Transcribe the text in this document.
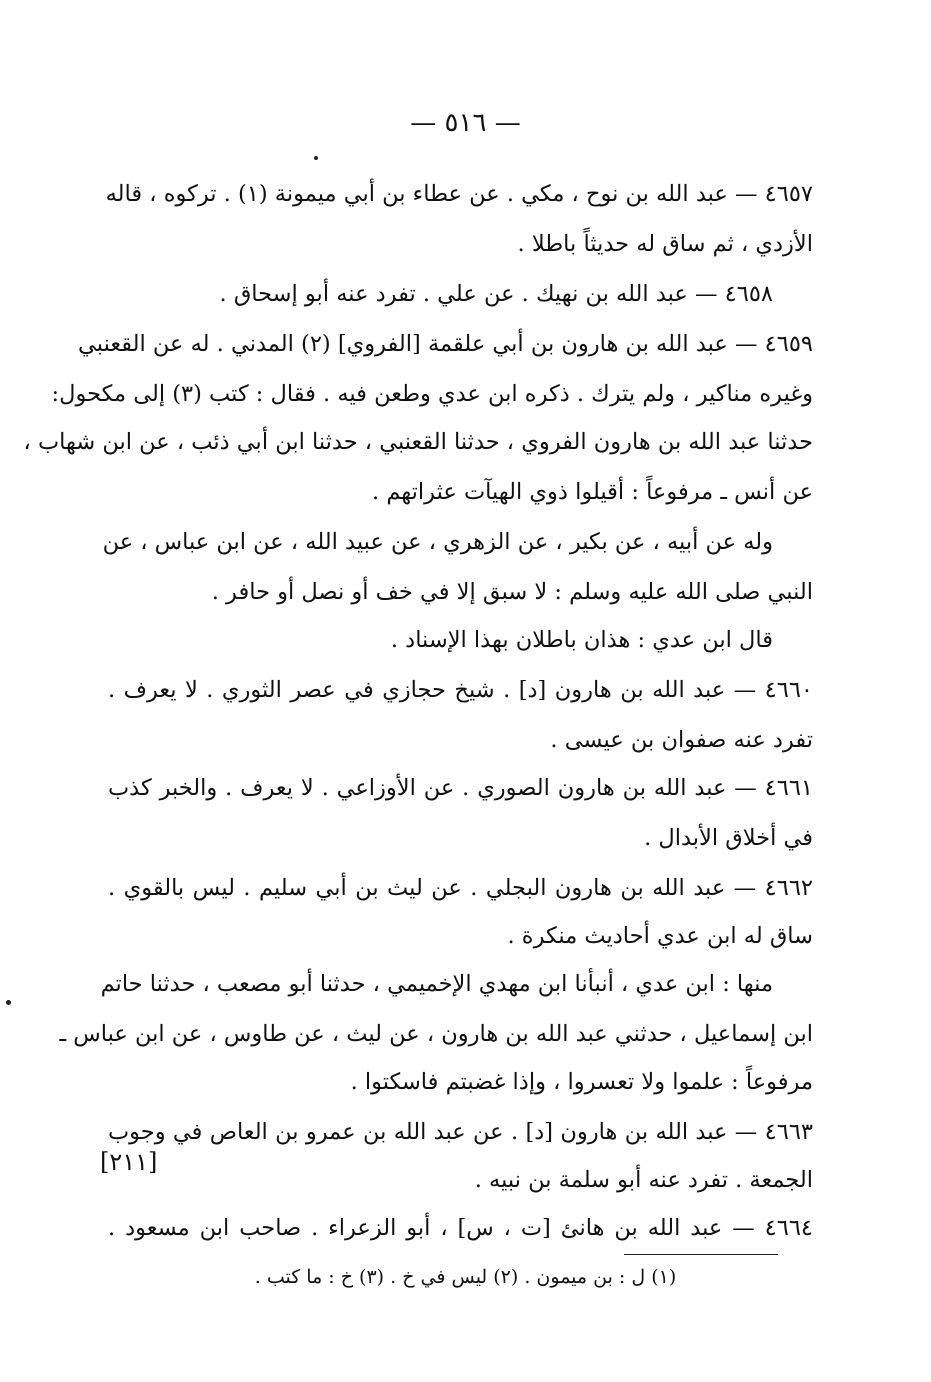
— ٥١٦ —
٤٦٥٧ — عبد الله بن نوح ، مكي . عن عطاء بن أبي ميمونة (١) . تركوه ، قاله
الأزدي ، ثم ساق له حديثاً باطلا .
٤٦٥٨ — عبد الله بن نهيك . عن علي . تفرد عنه أبو إسحاق .
٤٦٥٩ — عبد الله بن هارون بن أبي علقمة [الفروي] (٢) المدني . له عن القعنبي
وغيره مناكير ، ولم يترك . ذكره ابن عدي وطعن فيه . فقال : كتب (٣) إلى مكحول:
حدثنا عبد الله بن هارون الفروي ، حدثنا القعنبي ، حدثنا ابن أبي ذئب ، عن ابن شهاب ،
عن أنس ـ مرفوعاً : أقيلوا ذوي الهيآت عثراتهم .
وله عن أبيه ، عن بكير ، عن الزهري ، عن عبيد الله ، عن ابن عباس ، عن
النبي صلى الله عليه وسلم : لا سبق إلا في خف أو نصل أو حافر .
قال ابن عدي : هذان باطلان بهذا الإسناد .
٤٦٦٠ — عبد الله بن هارون [د] . شيخ حجازي في عصر الثوري . لا يعرف .
تفرد عنه صفوان بن عيسى .
٤٦٦١ — عبد الله بن هارون الصوري . عن الأوزاعي . لا يعرف . والخبر كذب
في أخلاق الأبدال .
٤٦٦٢ — عبد الله بن هارون البجلي . عن ليث بن أبي سليم . ليس بالقوي .
ساق له ابن عدي أحاديث منكرة .
منها : ابن عدي ، أنبأنا ابن مهدي الإخميمي ، حدثنا أبو مصعب ، حدثنا حاتم
ابن إسماعيل ، حدثني عبد الله بن هارون ، عن ليث ، عن طاوس ، عن ابن عباس ـ
مرفوعاً : علموا ولا تعسروا ، وإذا غضبتم فاسكتوا .
٤٦٦٣ — عبد الله بن هارون [د] . عن عبد الله بن عمرو بن العاص في وجوب
الجمعة . تفرد عنه أبو سلمة بن نبيه .
٤٦٦٤ — عبد الله بن هانئ [ت ، س] ، أبو الزعراء . صاحب ابن مسعود .
[٢١١]
(١) ل : بن ميمون . (٢) ليس في خ . (٣) خ : ما كتب .
